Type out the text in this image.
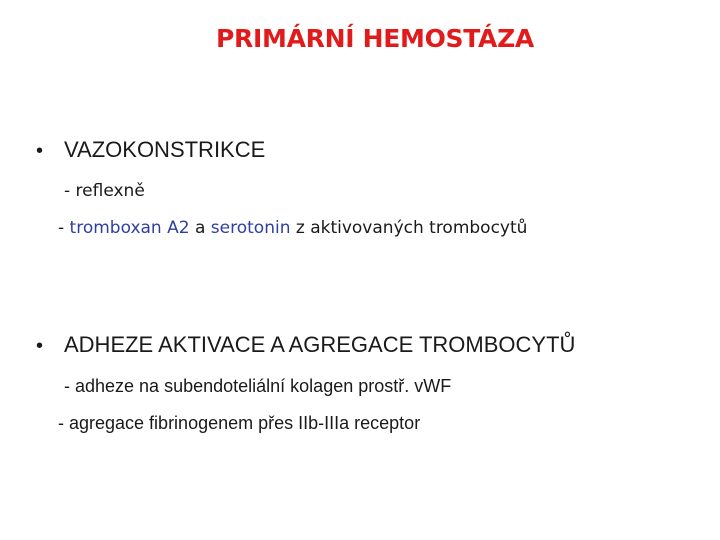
PRIMÁRNÍ HEMOSTÁZA
• VAZOKONSTRIKCE
- reflexně
- tromboxan A2 a serotonin z aktivovaných trombocytů
• ADHEZE AKTIVACE A AGREGACE TROMBOCYTŮ
- adheze na subendoteliální kolagen prostř. vWF
- agregace fibrinogenem přes IIb-IIIa receptor
